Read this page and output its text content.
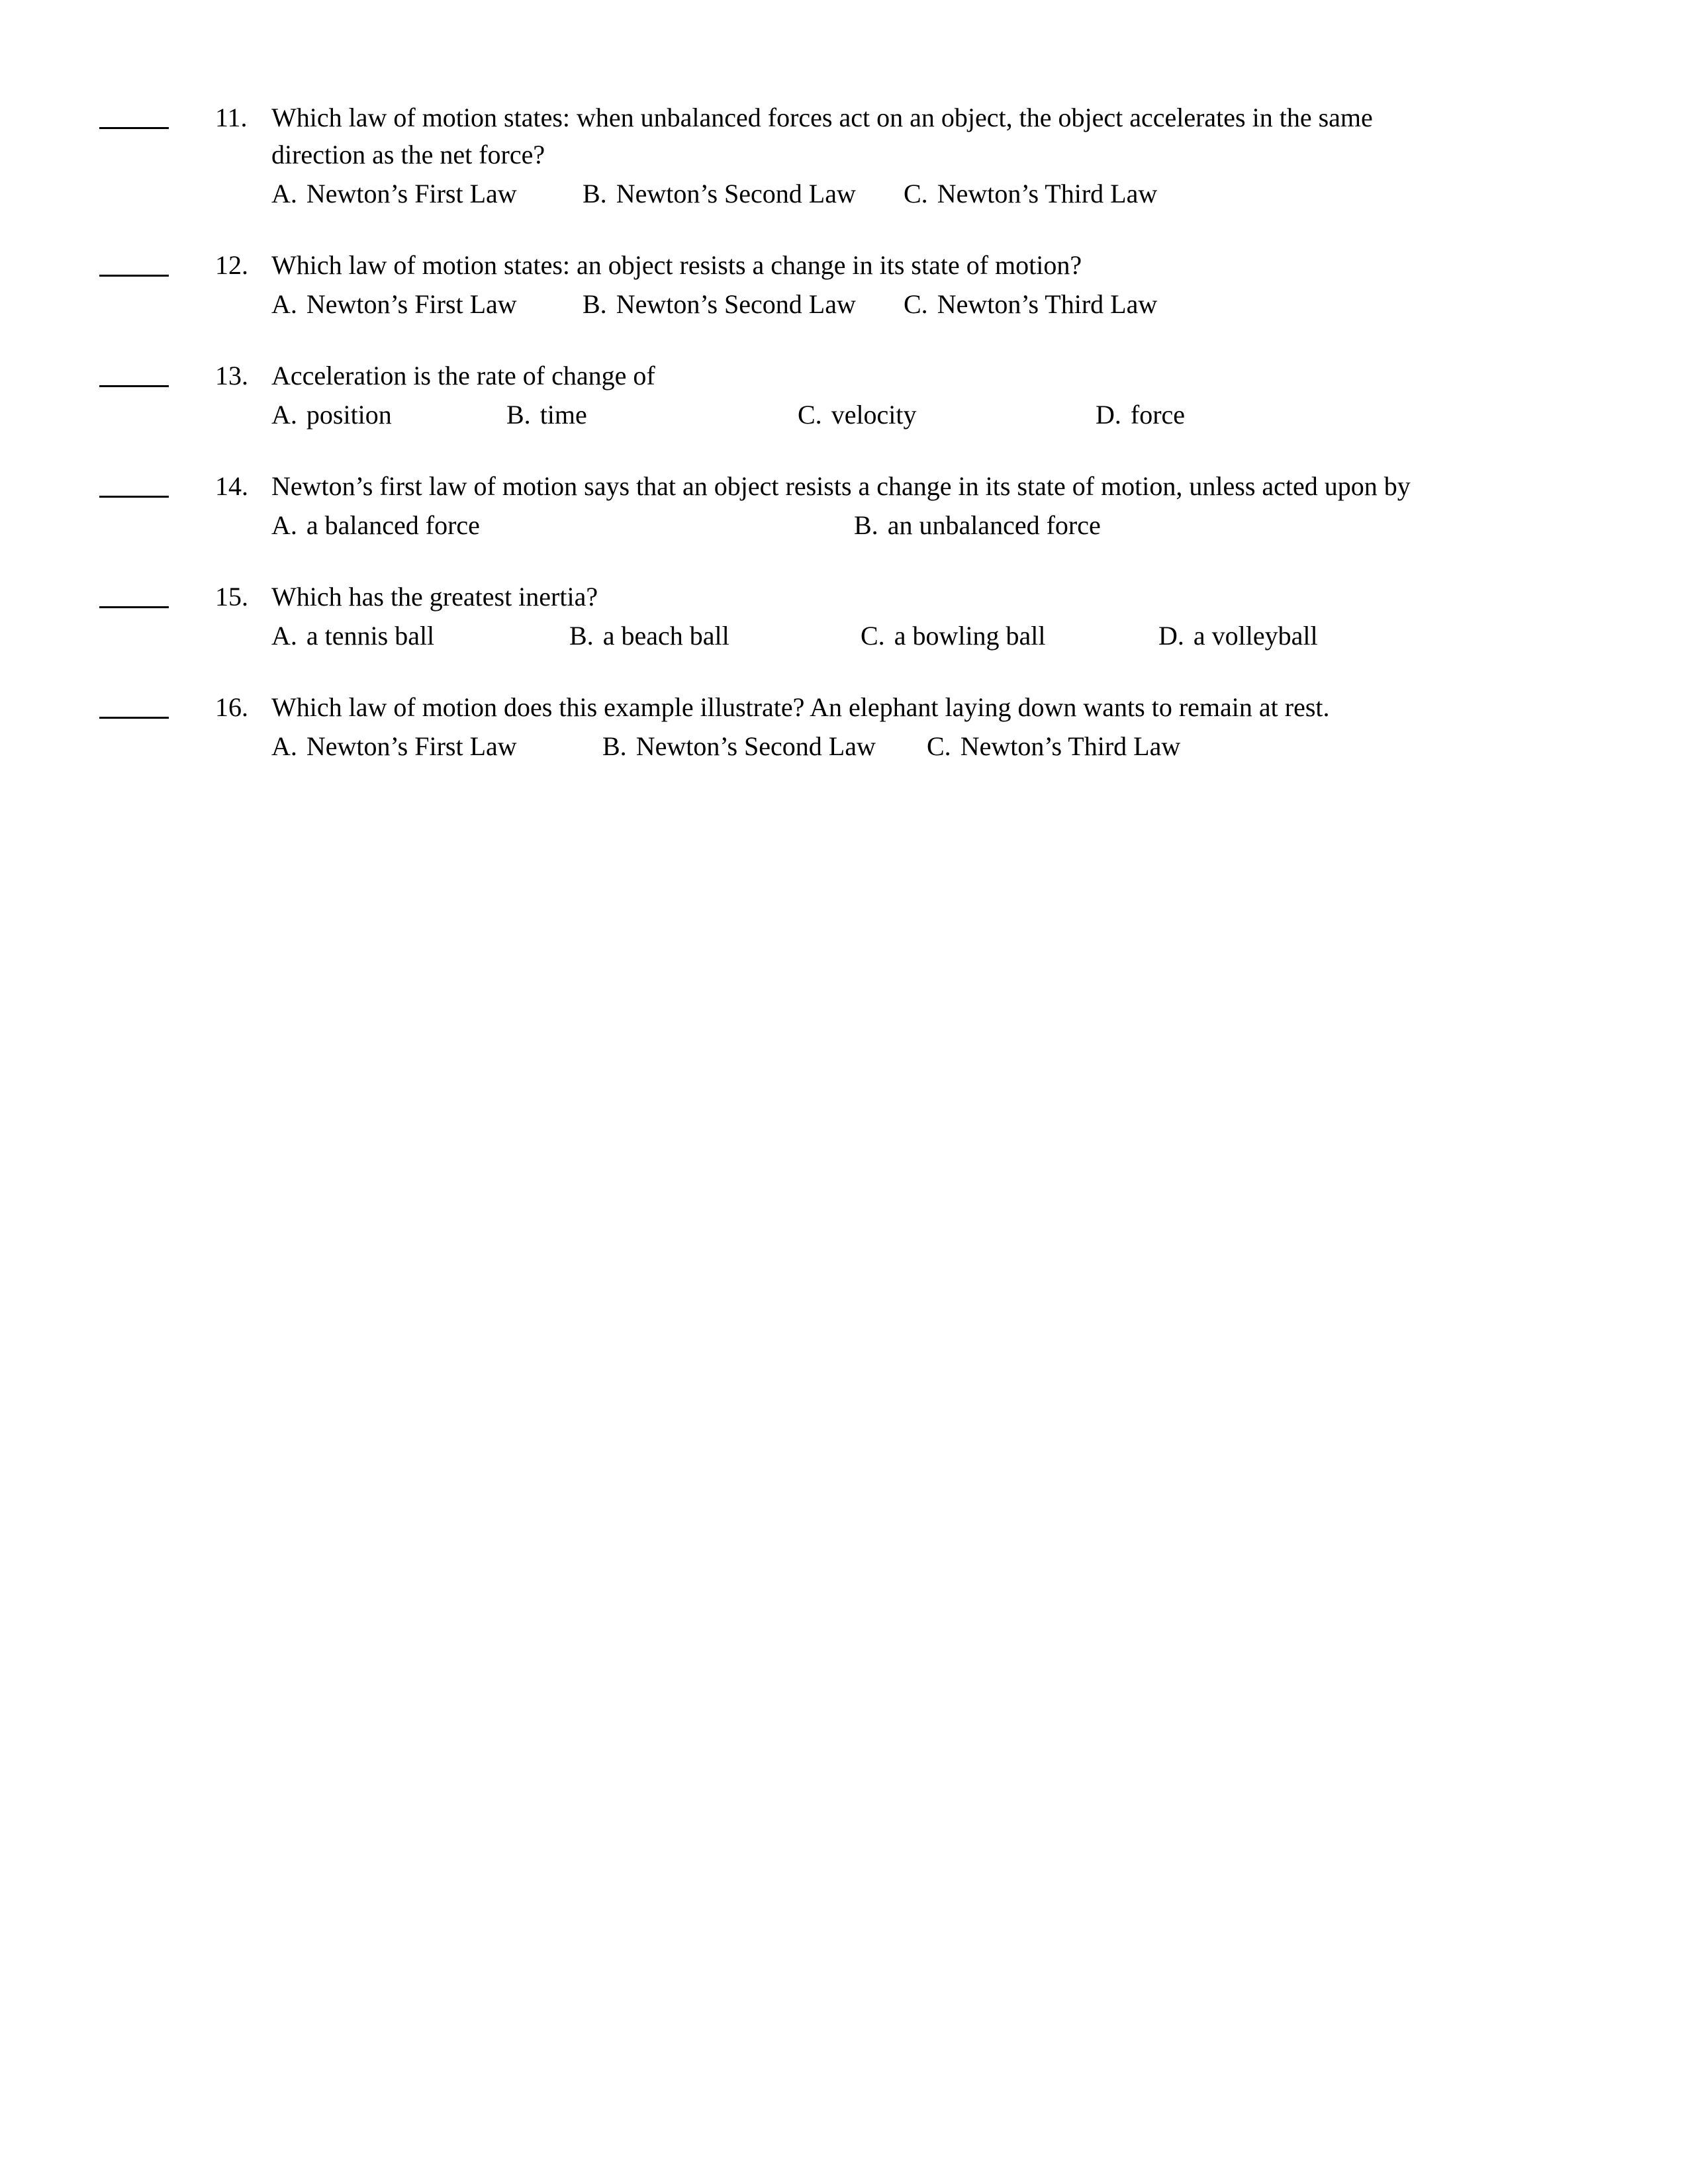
11. Which law of motion states: when unbalanced forces act on an object, the object accelerates in the same direction as the net force?
A. Newton’s First Law B. Newton’s Second Law C. Newton’s Third Law
12. Which law of motion states: an object resists a change in its state of motion?
A. Newton’s First Law B. Newton’s Second Law C. Newton’s Third Law
13. Acceleration is the rate of change of
A. position	B. time	C. velocity	D. force
14. Newton’s first law of motion says that an object resists a change in its state of motion, unless acted upon by
A. a balanced force	B. an unbalanced force
15. Which has the greatest inertia?
A. a tennis ball	B. a beach ball	C. a bowling ball	D. a volleyball
16. Which law of motion does this example illustrate? An elephant laying down wants to remain at rest.
A. Newton’s First Law	B. Newton’s Second Law C. Newton’s Third Law
